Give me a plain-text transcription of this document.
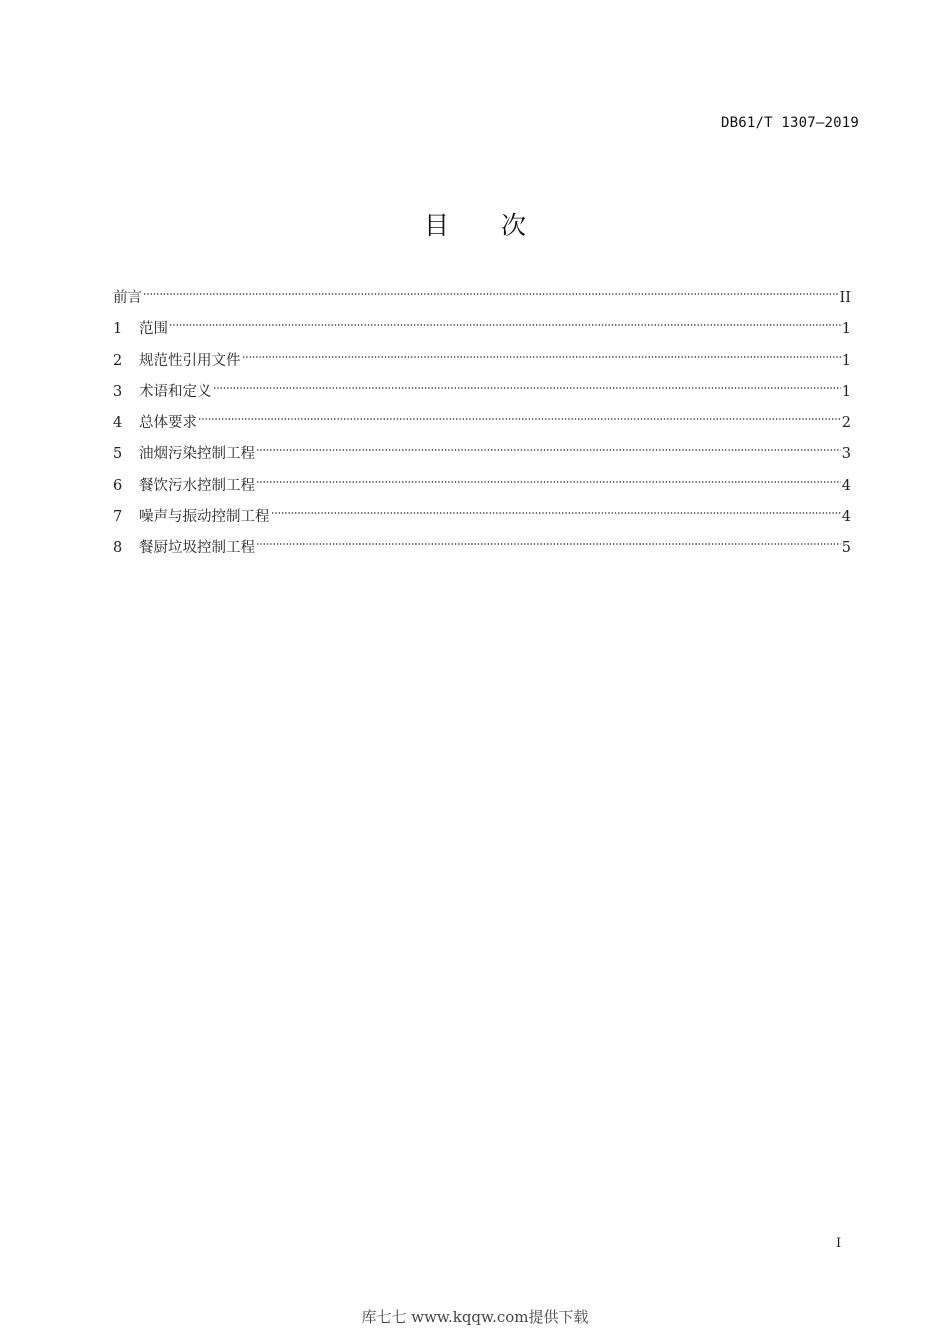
DB61/T 1307—2019
目 次
前言	II
1	范围	1
2	规范性引用文件	1
3	术语和定义	1
4	总体要求	2
5	油烟污染控制工程	3
6	餐饮污水控制工程	4
7	噪声与振动控制工程	4
8	餐厨垃圾控制工程	5
I
库七七 www.kqqw.com提供下载
